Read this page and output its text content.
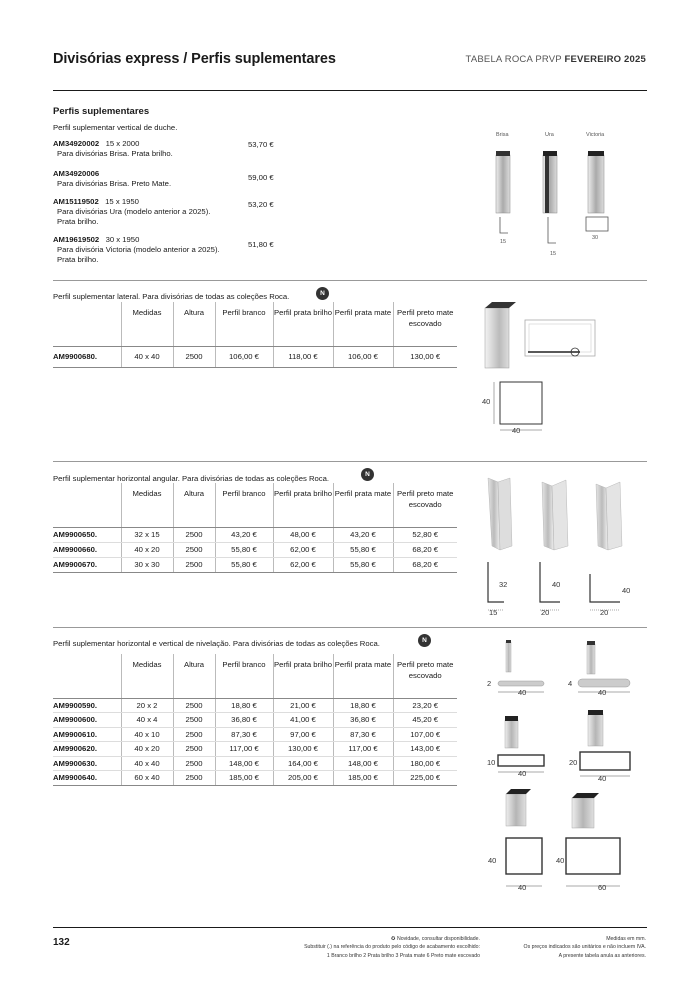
Divisórias express / Perfis suplementares	TABELA ROCA PRVP FEVEREIRO 2025
Perfis suplementares
Perfil suplementar vertical de duche.
AM34920002 15 x 2000
Para divisórias Brisa. Prata brilho.
53,70 €
AM34920006
Para divisórias Brisa. Preto Mate.
59,00 €
AM15119502 15 x 1950
Para divisórias Ura (modelo anterior a 2025).
Prata brilho.
53,20 €
AM19619502 30 x 1950
Para divisória Victoria (modelo anterior a 2025).
Prata brilho.
51,80 €
Brisa	Ura	Victoria
15
15
30
Perfil suplementar lateral. Para divisórias de todas as coleções Roca.	N
	Medidas	Altura	Perfil branco	Perfil prata brilho	Perfil prata mate	Perfil preto mate escovado
AM9900680.	40 x 40	2500	106,00 €	118,00 €	106,00 €	130,00 €
40
40
Perfil suplementar horizontal angular. Para divisórias de todas as coleções Roca.	N
	Medidas	Altura	Perfil branco	Perfil prata brilho	Perfil prata mate	Perfil preto mate escovado
AM9900650.	32 x 15	2500	43,20 €	48,00 €	43,20 €	52,80 €
AM9900660.	40 x 20	2500	55,80 €	62,00 €	55,80 €	68,20 €
AM9900670.	30 x 30	2500	55,80 €	62,00 €	55,80 €	68,20 €
32
15
40
20
40
20
Perfil suplementar horizontal e vertical de nivelação. Para divisórias de todas as coleções Roca.	N
	Medidas	Altura	Perfil branco	Perfil prata brilho	Perfil prata mate	Perfil preto mate escovado
AM9900590.	20 x 2	2500	18,80 €	21,00 €	18,80 €	23,20 €
AM9900600.	40 x 4	2500	36,80 €	41,00 €	36,80 €	45,20 €
AM9900610.	40 x 10	2500	87,30 €	97,00 €	87,30 €	107,00 €
AM9900620.	40 x 20	2500	117,00 €	130,00 €	117,00 €	143,00 €
AM9900630.	40 x 40	2500	148,00 €	164,00 €	148,00 €	180,00 €
AM9900640.	60 x 40	2500	185,00 €	205,00 €	185,00 €	225,00 €
2
40
4
40
10
40
20
40
40
40
40
60
132	✪ Novidade, consultar disponibilidade.
Substituir (.) na referência do produto pelo código de acabamento escolhido:
1 Branco brilho 2 Prata brilho 3 Prata mate 6 Preto mate escovado
Medidas em mm.
Os preços indicados são unitários e não incluem IVA.
A presente tabela anula as anteriores.
